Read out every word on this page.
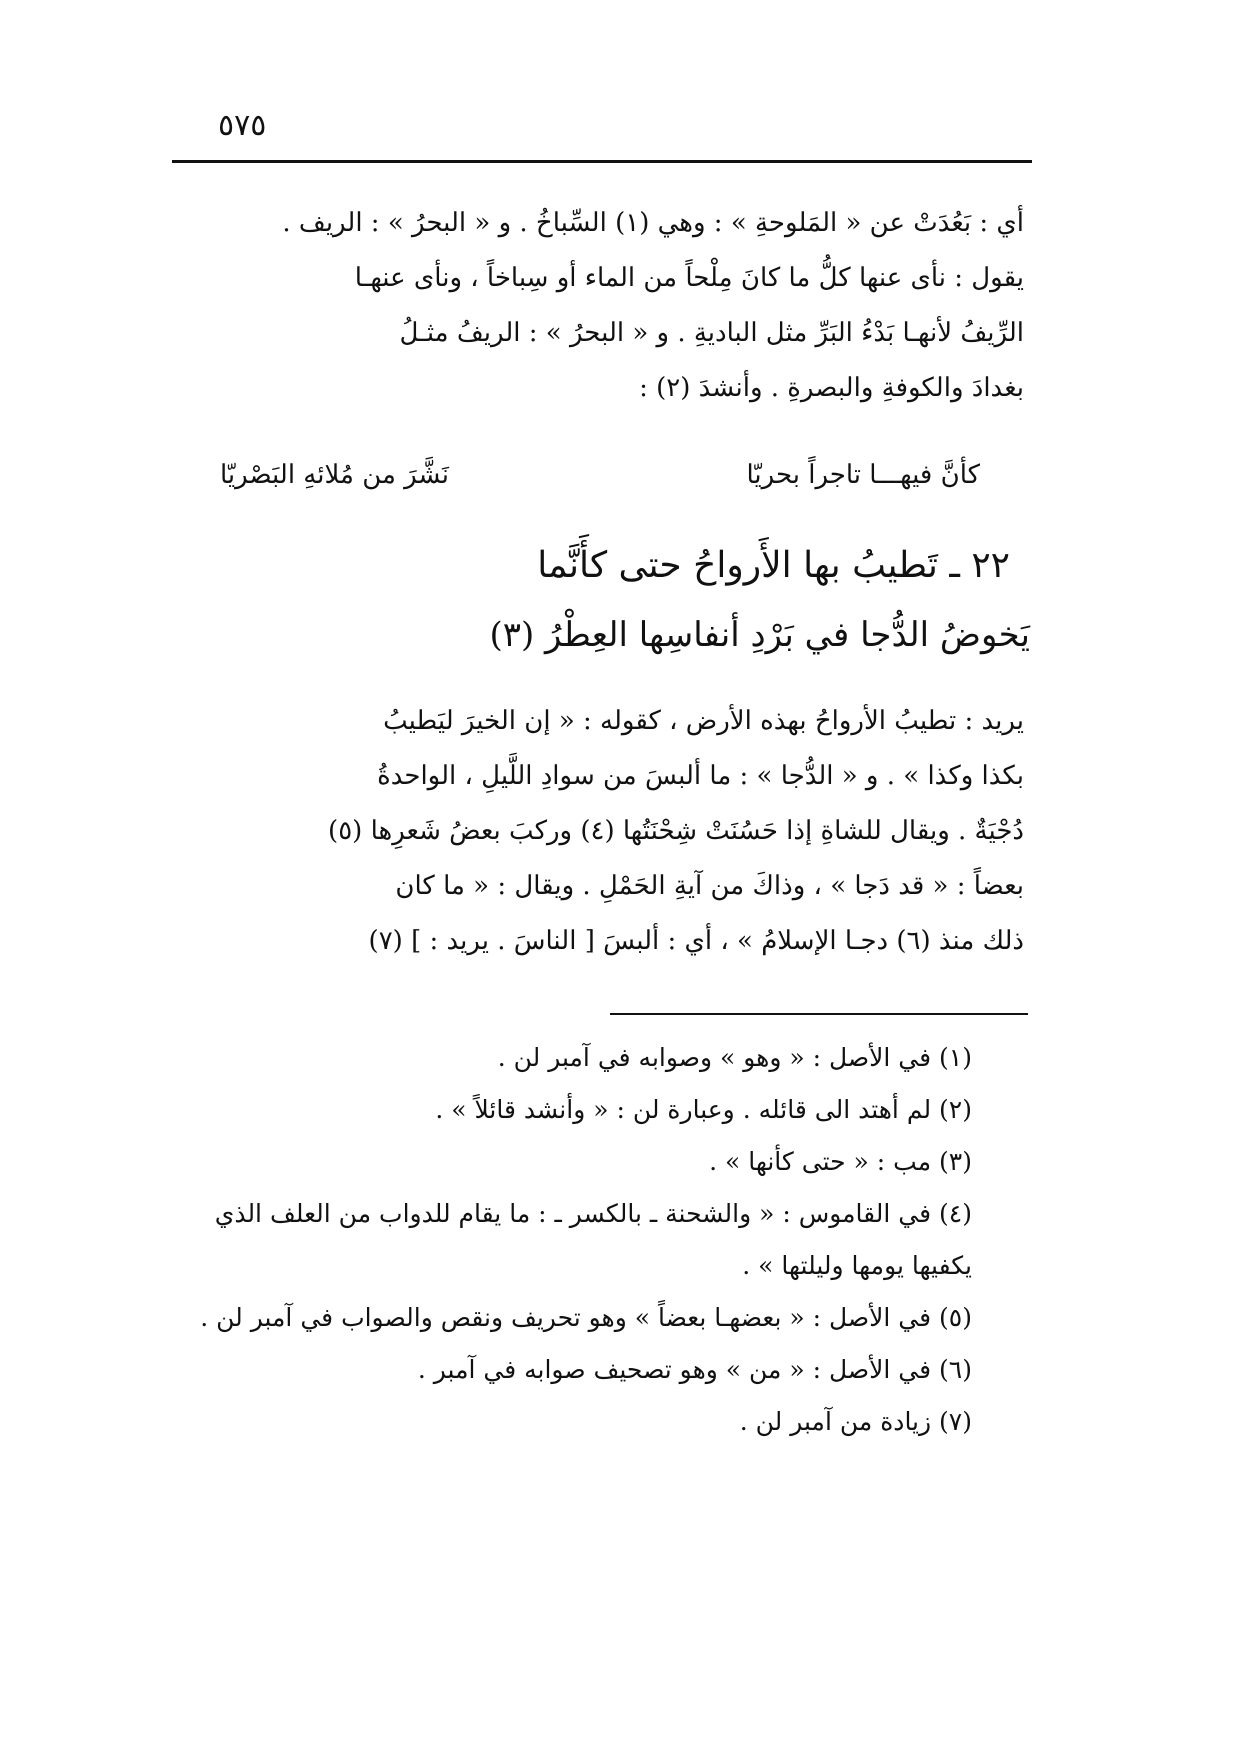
٥٧٥
أي : بَعُدَتْ عن « المَلوحةِ » : وهي (١) السِّباخُ . و « البحرُ » : الريف .
يقول : نأى عنها كلُّ ما كانَ مِلْحاً من الماء أو سِباخاً ، ونأى عنهـا
الرِّيفُ لأنهـا بَدْءُ البَرِّ مثل الباديةِ . و « البحرُ » : الريفُ مثـلُ
بغدادَ والكوفةِ والبصرةِ . وأنشدَ (٢) :
كأنَّ فيهـــا تاجراً بحريّا
نَشَّرَ من مُلائهِ البَصْريّا
٢٢ ـ تَطيبُ بها الأَرواحُ حتى كأَنَّما
يَخوضُ الدُّجا في بَرْدِ أنفاسِها العِطْرُ (٣)
يريد : تطيبُ الأرواحُ بهذه الأرض ، كقوله : « إن الخيرَ ليَطيبُ
بكذا وكذا » . و « الدُّجا » : ما ألبسَ من سوادِ اللَّيلِ ، الواحدةُ
دُجْيَةٌ . ويقال للشاةِ إذا حَسُنَتْ شِحْنَتُها (٤) وركبَ بعضُ شَعرِها (٥)
بعضاً : « قد دَجا » ، وذاكَ من آيةِ الحَمْلِ . ويقال : « ما كان
ذلك منذ (٦) دجـا الإسلامُ » ، أي : ألبسَ [ الناسَ . يريد : ] (٧)
(١) في الأصل : « وهو » وصوابه في آمبر لن .
(٢) لم أهتد الى قائله . وعبارة لن : « وأنشد قائلاً » .
(٣) مب : « حتى كأنها » .
(٤) في القاموس : « والشحنة ـ بالكسر ـ : ما يقام للدواب من العلف الذي يكفيها يومها وليلتها » .
(٥) في الأصل : « بعضهـا بعضاً » وهو تحريف ونقص والصواب في آمبر لن .
(٦) في الأصل : « من » وهو تصحيف صوابه في آمبر .
(٧) زيادة من آمبر لن .
